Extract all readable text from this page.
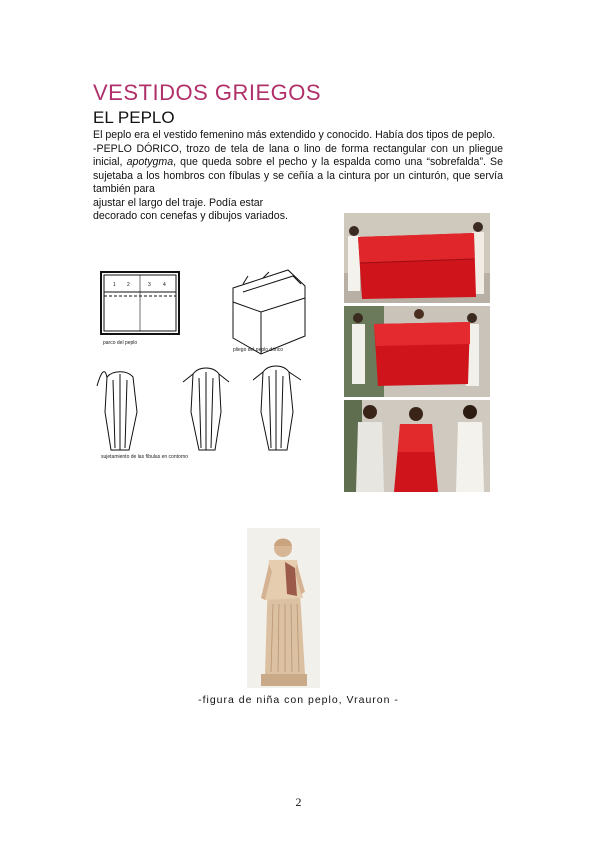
VESTIDOS GRIEGOS
EL PEPLO

El peplo era el vestido femenino más extendido y conocido. Había dos tipos de peplo.

-PEPLO DÓRICO, trozo de tela de lana o lino de forma rectangular con un pliegue inicial, apotygma, que queda sobre el pecho y la espalda como una “sobrefalda”. Se sujetaba a los hombros con fíbulas y se ceñía a la cintura por un cinturón, que servía también para

ajustar el largo del traje. Podía estar

decorado con cenefas y dibujos variados.

1 2	3 4
parco del peplo
pliego del peplo dórico
sujetamiento de las fíbulas en contorno
-figura de niña con peplo, Vrauron -
2
